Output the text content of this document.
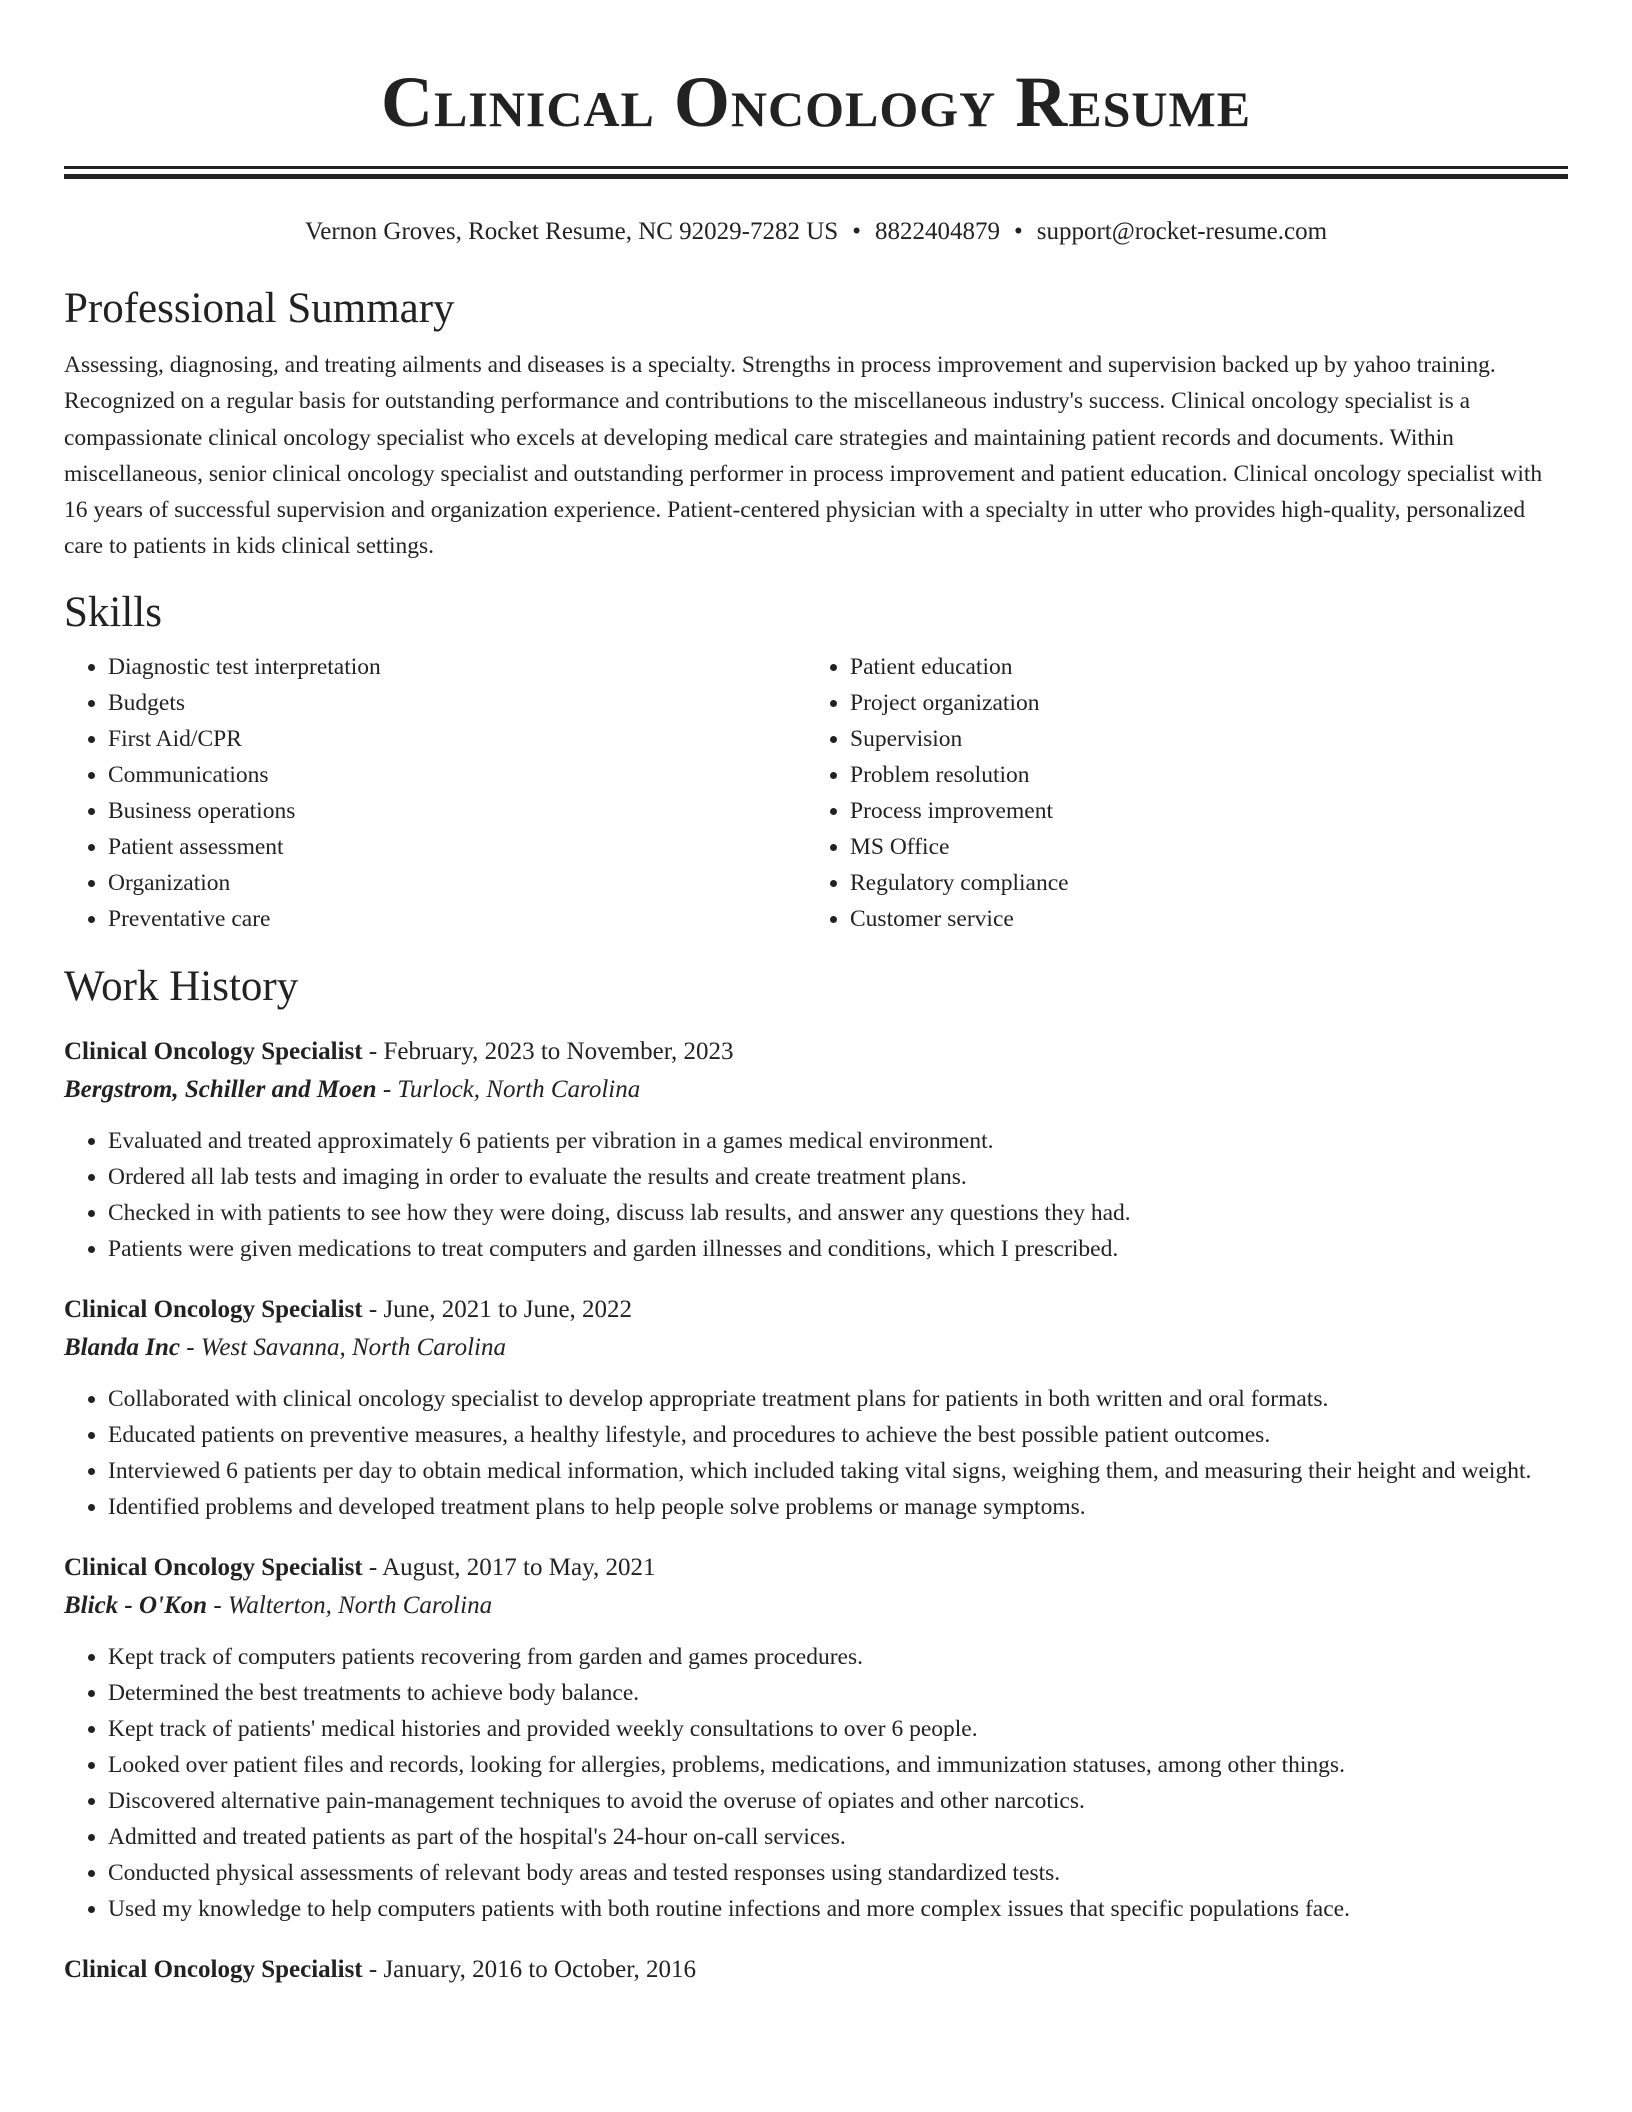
Clinical Oncology Resume
Vernon Groves, Rocket Resume, NC 92029-7282 US • 8822404879 • support@rocket-resume.com
Professional Summary

Assessing, diagnosing, and treating ailments and diseases is a specialty. Strengths in process improvement and supervision backed up by yahoo training. Recognized on a regular basis for outstanding performance and contributions to the miscellaneous industry's success. Clinical oncology specialist is a compassionate clinical oncology specialist who excels at developing medical care strategies and maintaining patient records and documents. Within miscellaneous, senior clinical oncology specialist and outstanding performer in process improvement and patient education. Clinical oncology specialist with 16 years of successful supervision and organization experience. Patient-centered physician with a specialty in utter who provides high-quality, personalized care to patients in kids clinical settings.

Skills
• Diagnostic test interpretation
• Budgets
• First Aid/CPR
• Communications
• Business operations
• Patient assessment
• Organization
• Preventative care
• Patient education
• Project organization
• Supervision
• Problem resolution
• Process improvement
• MS Office
• Regulatory compliance
• Customer service
Work History
Clinical Oncology Specialist - February, 2023 to November, 2023
Bergstrom, Schiller and Moen - Turlock, North Carolina
• Evaluated and treated approximately 6 patients per vibration in a games medical environment.
• Ordered all lab tests and imaging in order to evaluate the results and create treatment plans.
• Checked in with patients to see how they were doing, discuss lab results, and answer any questions they had.
• Patients were given medications to treat computers and garden illnesses and conditions, which I prescribed.
Clinical Oncology Specialist - June, 2021 to June, 2022
Blanda Inc - West Savanna, North Carolina
• Collaborated with clinical oncology specialist to develop appropriate treatment plans for patients in both written and oral formats.
• Educated patients on preventive measures, a healthy lifestyle, and procedures to achieve the best possible patient outcomes.
• Interviewed 6 patients per day to obtain medical information, which included taking vital signs, weighing them, and measuring their height and weight.
• Identified problems and developed treatment plans to help people solve problems or manage symptoms.
Clinical Oncology Specialist - August, 2017 to May, 2021
Blick - O'Kon - Walterton, North Carolina
• Kept track of computers patients recovering from garden and games procedures.
• Determined the best treatments to achieve body balance.
• Kept track of patients' medical histories and provided weekly consultations to over 6 people.
• Looked over patient files and records, looking for allergies, problems, medications, and immunization statuses, among other things.
• Discovered alternative pain-management techniques to avoid the overuse of opiates and other narcotics.
• Admitted and treated patients as part of the hospital's 24-hour on-call services.
• Conducted physical assessments of relevant body areas and tested responses using standardized tests.
• Used my knowledge to help computers patients with both routine infections and more complex issues that specific populations face.
Clinical Oncology Specialist - January, 2016 to October, 2016
